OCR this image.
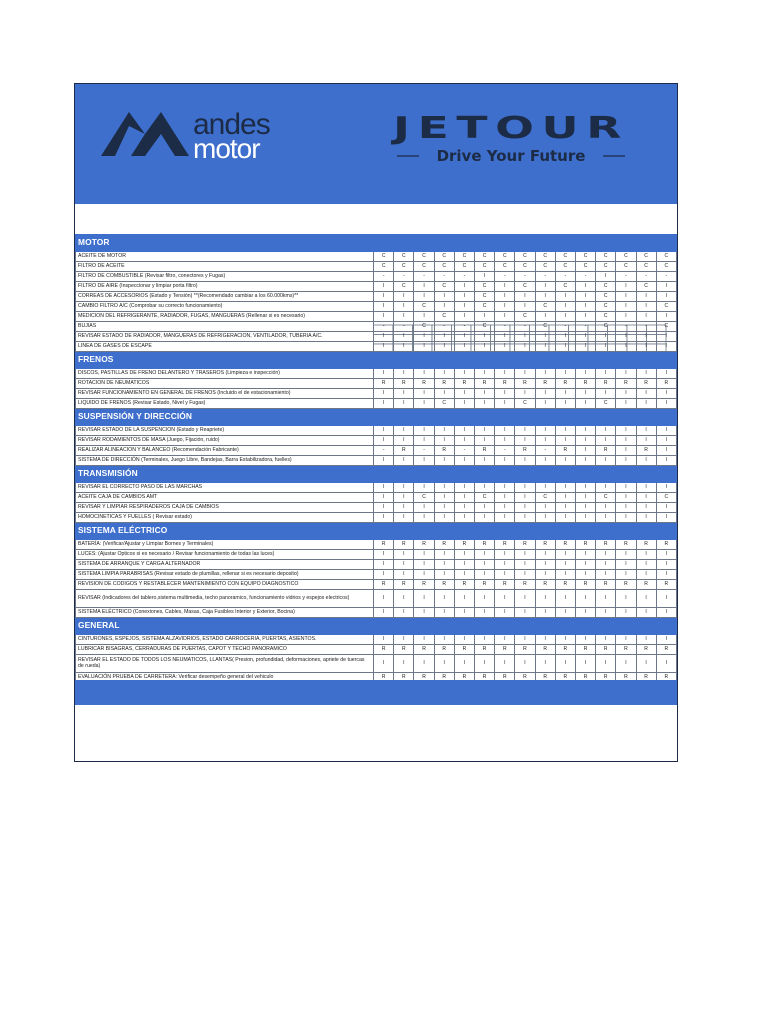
andes
motor
JETOUR
Drive Your Future
MOTOR															
ACEITE DE MOTOR	C	C	C	C	C	C	C	C	C	C	C	C	C	C	C
FILTRO DE ACEITE	C	C	C	C	C	C	C	C	C	C	C	C	C	C	C
FILTRO DE COMBUSTIBLE (Revisar filtro, conectores y Fugas)	-	-	-	-	-	I	-	-	-	-	-	I	-	-	-
FILTRO DE AIRE (Inspeccionar y limpiar porta filtro)	I	C	I	C	I	C	I	C	I	C	I	C	I	C	I
CORREAS DE ACCESORIOS (Estado y Tensión) **(Recomendado cambiar a los 60.000kms)**	I	I	I	I	I	C	I	I	I	I	I	C	I	I	I
CAMBIO FILTRO A/C (Comprobar su correcto funcionamiento)	I	I	C	I	I	C	I	I	C	I	I	C	I	I	C
MEDICION DEL REFRIGERANTE, RADIADOR, FUGAS, MANGUERAS (Rellenar si es necesario)	I	I	I	C	I	I	I	C	I	I	I	C	I	I	I
BUJIAS	-	-	C	-	-	C	-	-	C	-	-	C	-	-	C
REVISAR ESTADO DE RADIADOR, MANGUERAS DE REFRIGERACION, VENTILADOR, TUBERIA A/C.	I	I	I	I	I	I	I	I	I	I	I	I	I	I	I
LINEA DE GASES DE ESCAPE	I	I	I	I	I	I	I	I	I	I	I	I	I	I	I
FRENOS															
DISCOS, PASTILLAS DE FRENO DELANTERO Y TRASEROS (Limpieza e inspección)	I	I	I	I	I	I	I	I	I	I	I	I	I	I	I
ROTACION DE NEUMATICOS	R	R	R	R	R	R	R	R	R	R	R	R	R	R	R
REVISAR FUNCIONAMIENTO EN GENERAL DE FRENOS (Incluido el de estacionamiento)	I	I	I	I	I	I	I	I	I	I	I	I	I	I	I
LIQUIDO DE FRENOS (Revisar Estado, Nivel y Fugas)	I	I	I	C	I	I	I	C	I	I	I	C	I	I	I
SUSPENSIÓN Y DIRECCIÓN															
REVISAR ESTADO DE LA SUSPENCION (Estado y Reapriete)	I	I	I	I	I	I	I	I	I	I	I	I	I	I	I
REVISAR RODAMIENTOS DE MASA (Juego, Fijación, ruido)	I	I	I	I	I	I	I	I	I	I	I	I	I	I	I
REALIZAR ALINEACION Y BALANCEO (Recomendación Fabricante)	-	R	-	R	-	R	-	R	-	R	I	R	I	R	I
SISTEMA DE DIRECCIÓN (Terminales, Juego Libre, Bandejas, Barra Estabilizadora, fuelles)	I	I	I	I	I	I	I	I	I	I	I	I	I	I	I
TRANSMISIÓN															
REVISAR EL CORRECTO PASO DE LAS MARCHAS	I	I	I	I	I	I	I	I	I	I	I	I	I	I	I
ACEITE CAJA DE CAMBIOS AMT	I	I	C	I	I	C	I	I	C	I	I	C	I	I	C
REVISAR Y LIMPIAR RESPIRADEROS CAJA DE CAMBIOS	I	I	I	I	I	I	I	I	I	I	I	I	I	I	I
HOMOCINETICAS Y FUELLES ( Revisar estado)	I	I	I	I	I	I	I	I	I	I	I	I	I	I	I
SISTEMA ELÉCTRICO															
BATERÍA: (Verificar/Ajustar y Limpiar Bornes y Terminales)	R	R	R	R	R	R	R	R	R	R	R	R	R	R	R
LUCES: (Ajustar Opticos si es necesario / Revisar funcionamiento de todas las luces)	I	I	I	I	I	I	I	I	I	I	I	I	I	I	I
SISTEMA DE ARRANQUE Y CARGA ALTERNADOR	I	I	I	I	I	I	I	I	I	I	I	I	I	I	I
SISTEMA LIMPIA PARABRISAS (Revisar estado de plumillas, rellenar si es necesario deposito)	I	I	I	I	I	I	I	I	I	I	I	I	I	I	I
REVISION DE CODIGOS Y RESTABLECER MANTENIMIENTO CON EQUIPO DIAGNOSTICO	R	R	R	R	R	R	R	R	R	R	R	R	R	R	R
REVISAR (Indicadores del tablero,sistema multimedia, techo panoramico, funcionamiento vidrios y espejos electricos)	I	I	I	I	I	I	I	I	I	I	I	I	I	I	I
SISTEMA ELÉCTRICO (Conexiones, Cables, Masas, Caja Fusibles Interior y Exterior, Bocina)	I	I	I	I	I	I	I	I	I	I	I	I	I	I	I
GENERAL															
CINTURONES, ESPEJOS, SISTEMA ALZAVIDRIOS, ESTADO CARROCERIA, PUERTAS, ASIENTOS.	I	I	I	I	I	I	I	I	I	I	I	I	I	I	I
LUBRICAR BISAGRAS, CERRADURAS DE PUERTAS, CAPOT Y TECHO PANORAMICO	R	R	R	R	R	R	R	R	R	R	R	R	R	R	R
REVISAR EL ESTADO DE TODOS LOS NEUMATICOS, LLANTAS( Presion, profundidad, deformaciones, apriete de tuercas de rueda)	I	I	I	I	I	I	I	I	I	I	I	I	I	I	I
EVALUACIÓN PRUEBA DE CARRETERA: Verificar desempeño general del vehiculo	R	R	R	R	R	R	R	R	R	R	R	R	R	R	R
